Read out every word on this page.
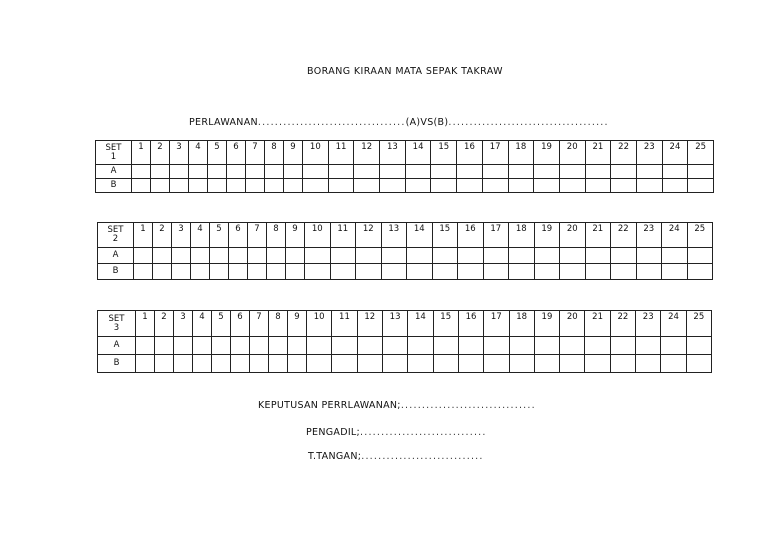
BORANG KIRAAN MATA SEPAK TAKRAW
PERLAWANAN...................................(A)VS(B)......................................
SET
1	1	2	3	4	5	6	7	8	9	10	11	12	13	14	15	16	17	18	19	20	21	22	23	24	25
A																									
B																									
SET
2	1	2	3	4	5	6	7	8	9	10	11	12	13	14	15	16	17	18	19	20	21	22	23	24	25
A																									
B																									
SET
3	1	2	3	4	5	6	7	8	9	10	11	12	13	14	15	16	17	18	19	20	21	22	23	24	25
A																									
B																									
KEPUTUSAN PERRLAWANAN;................................
PENGADIL;..............................
T.TANGAN;.............................
